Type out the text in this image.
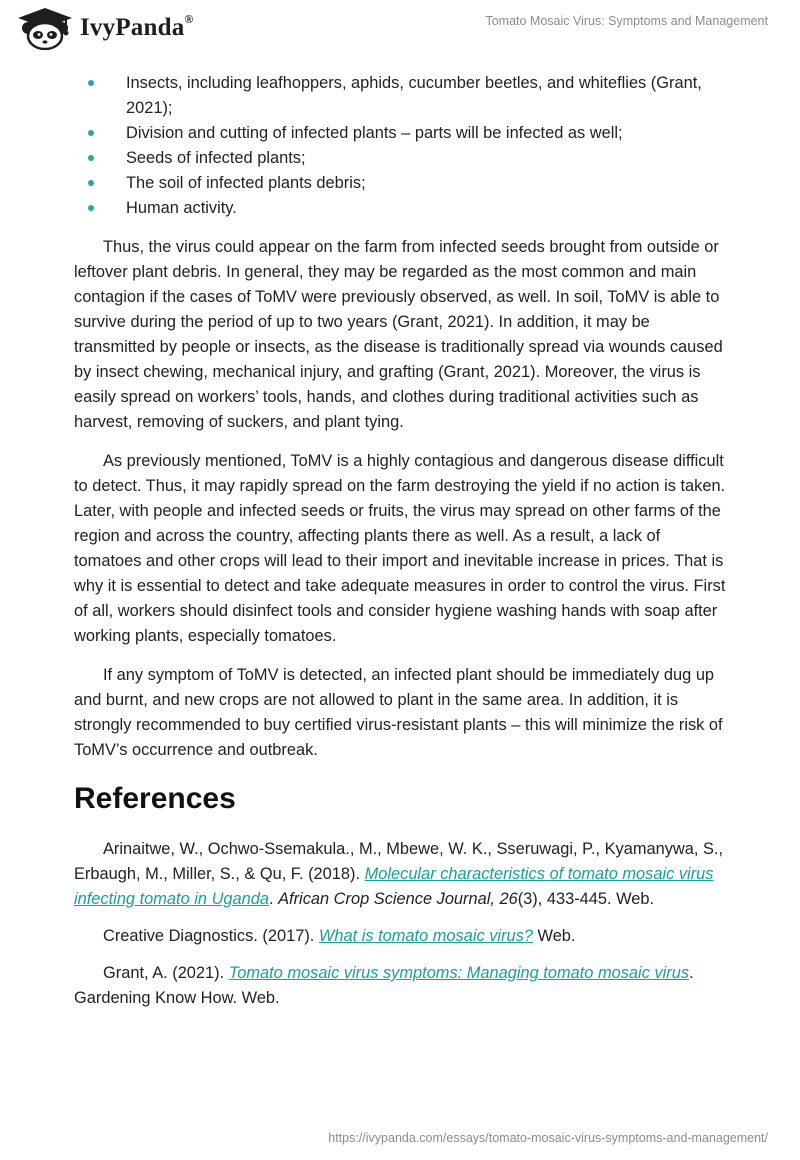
IvyPanda®	Tomato Mosaic Virus: Symptoms and Management
Insects, including leafhoppers, aphids, cucumber beetles, and whiteflies (Grant, 2021);
Division and cutting of infected plants – parts will be infected as well;
Seeds of infected plants;
The soil of infected plants debris;
Human activity.

Thus, the virus could appear on the farm from infected seeds brought from outside or leftover plant debris. In general, they may be regarded as the most common and main contagion if the cases of ToMV were previously observed, as well. In soil, ToMV is able to survive during the period of up to two years (Grant, 2021). In addition, it may be transmitted by people or insects, as the disease is traditionally spread via wounds caused by insect chewing, mechanical injury, and grafting (Grant, 2021). Moreover, the virus is easily spread on workers’ tools, hands, and clothes during traditional activities such as harvest, removing of suckers, and plant tying.

As previously mentioned, ToMV is a highly contagious and dangerous disease difficult to detect. Thus, it may rapidly spread on the farm destroying the yield if no action is taken. Later, with people and infected seeds or fruits, the virus may spread on other farms of the region and across the country, affecting plants there as well. As a result, a lack of tomatoes and other crops will lead to their import and inevitable increase in prices. That is why it is essential to detect and take adequate measures in order to control the virus. First of all, workers should disinfect tools and consider hygiene washing hands with soap after working plants, especially tomatoes.

If any symptom of ToMV is detected, an infected plant should be immediately dug up and burnt, and new crops are not allowed to plant in the same area. In addition, it is strongly recommended to buy certified virus-resistant plants – this will minimize the risk of ToMV’s occurrence and outbreak.

References

Arinaitwe, W., Ochwo-Ssemakula., M., Mbewe, W. K., Sseruwagi, P., Kyamanywa, S., Erbaugh, M., Miller, S., & Qu, F. (2018). Molecular characteristics of tomato mosaic virus infecting tomato in Uganda. African Crop Science Journal, 26(3), 433-445. Web.

Creative Diagnostics. (2017). What is tomato mosaic virus? Web.

Grant, A. (2021). Tomato mosaic virus symptoms: Managing tomato mosaic virus. Gardening Know How. Web.

https://ivypanda.com/essays/tomato-mosaic-virus-symptoms-and-management/
